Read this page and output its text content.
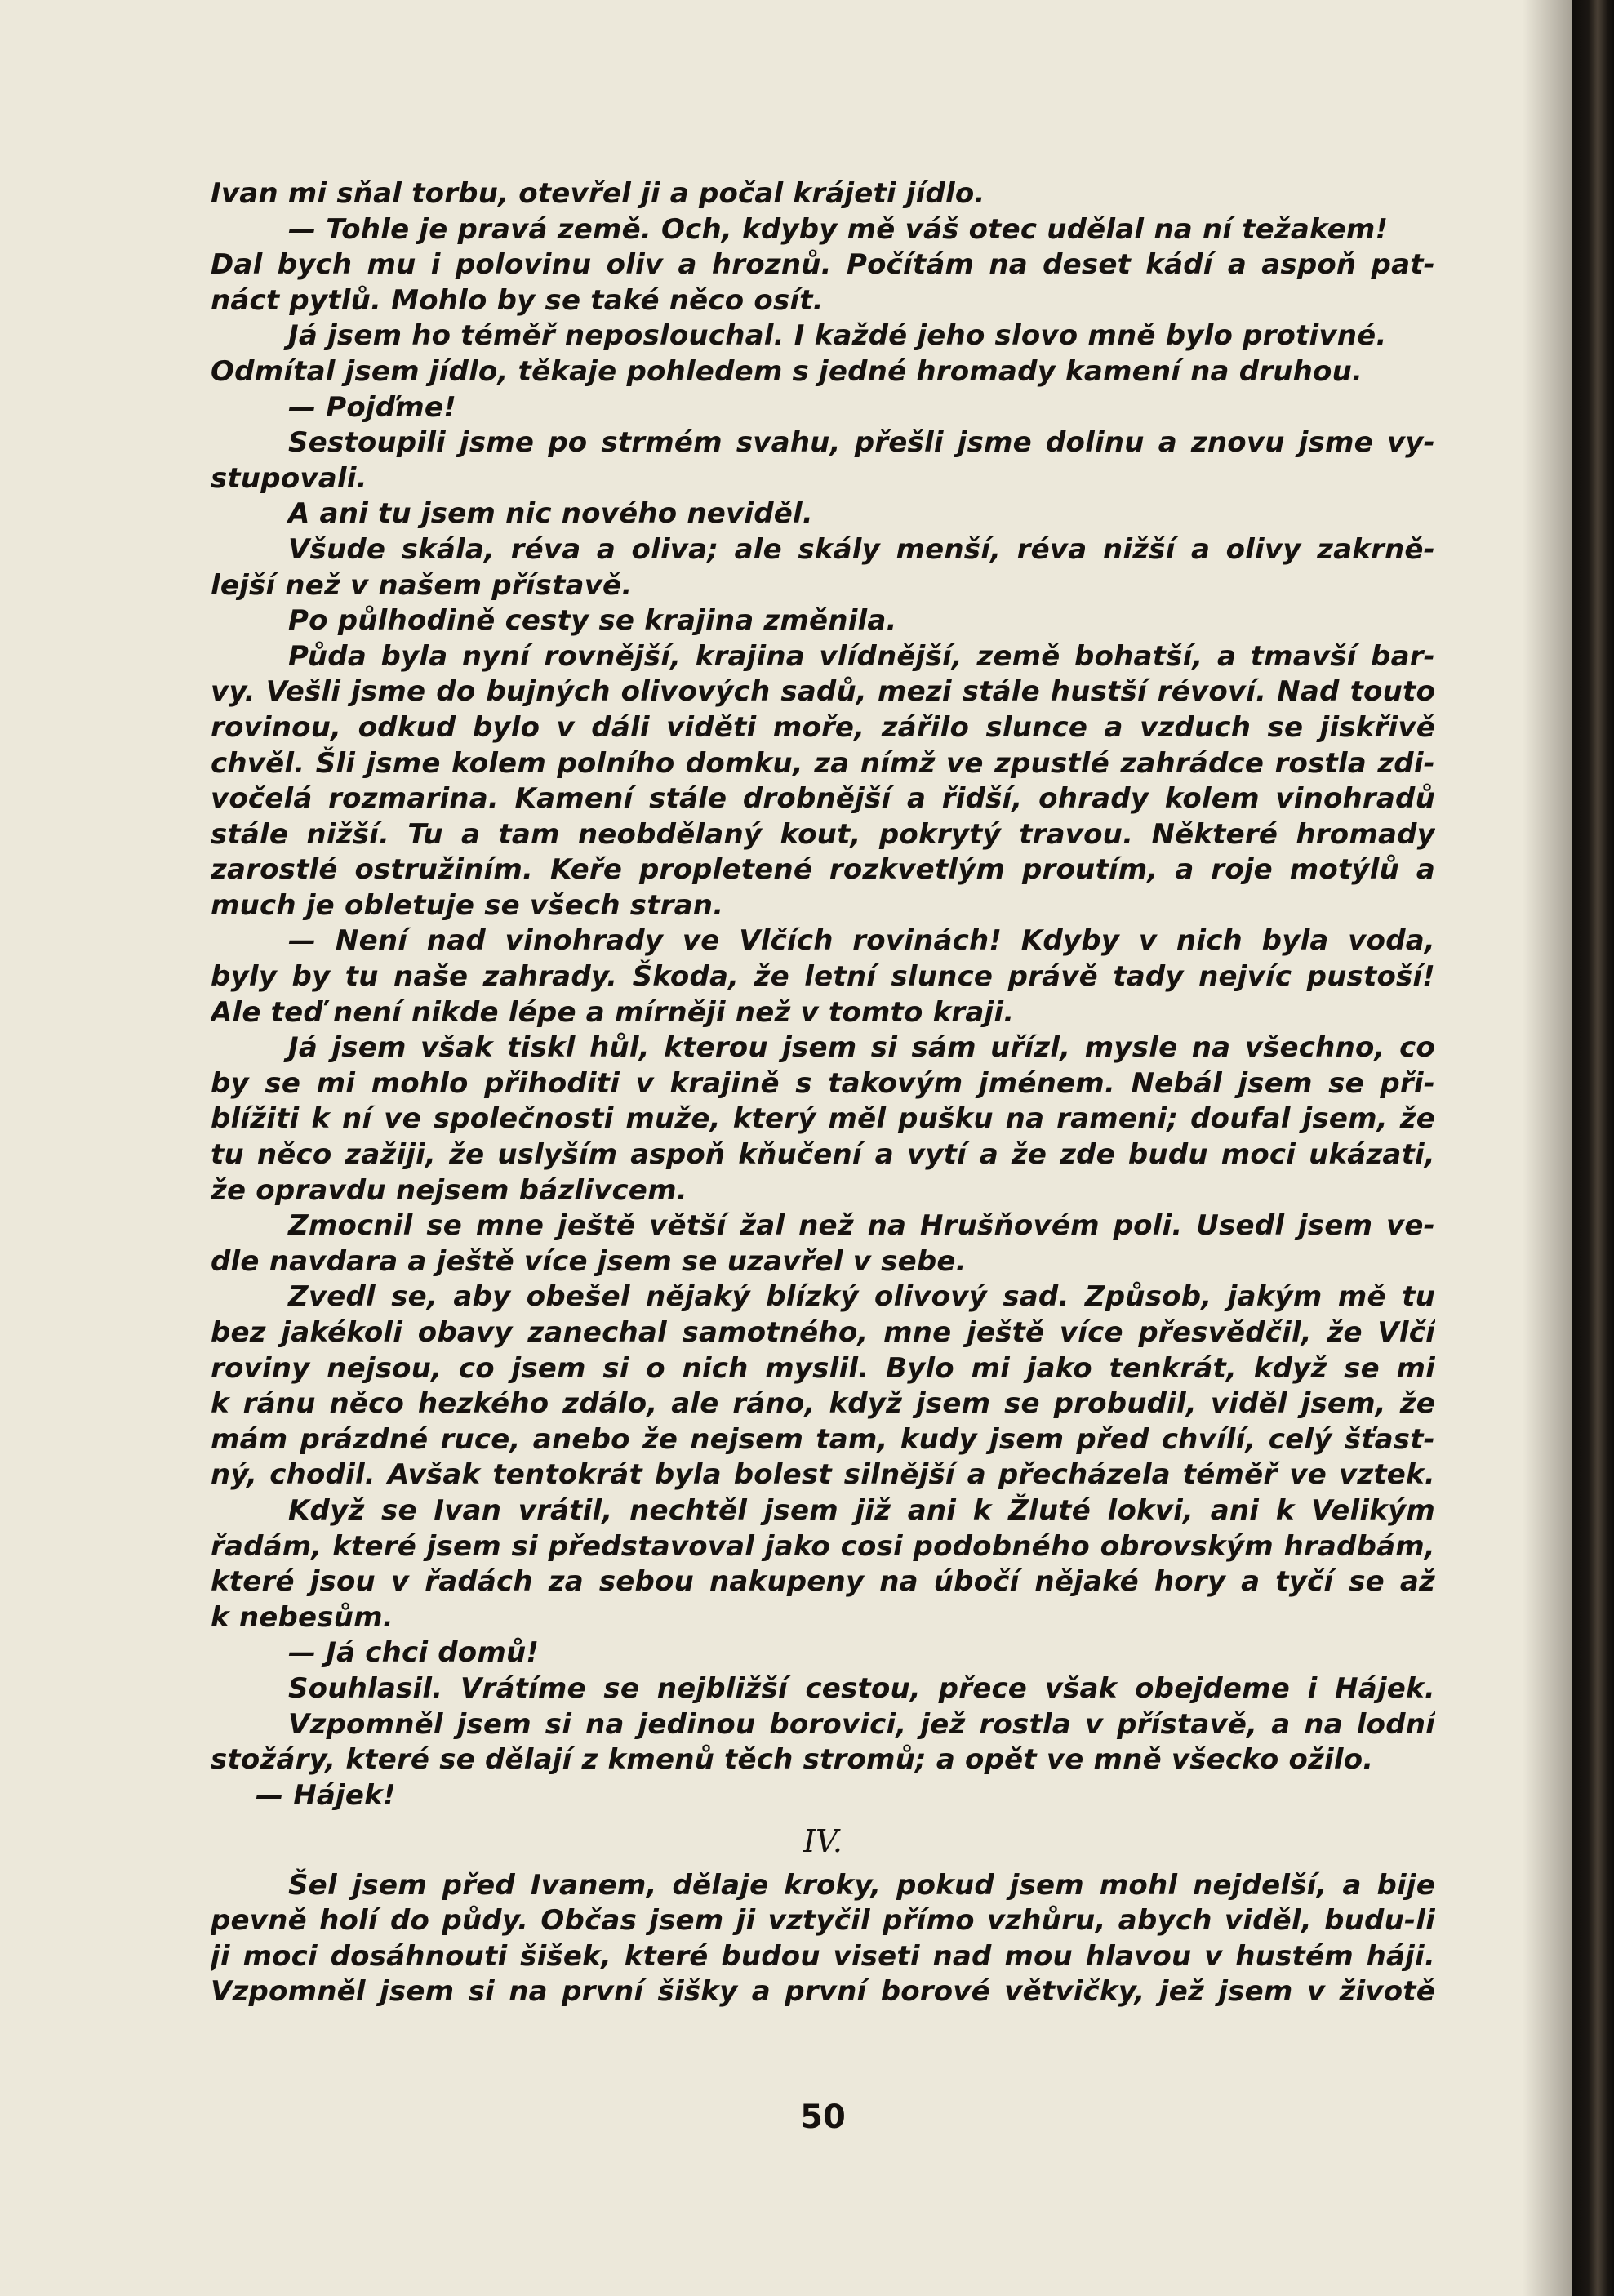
Ivan mi sňal torbu, otevřel ji a počal krájeti jídlo.
— Tohle je pravá země. Och, kdyby mě váš otec udělal na ní težakem!
Dal bych mu i polovinu oliv a hroznů. Počítám na deset kádí a aspoň pat-
náct pytlů. Mohlo by se také něco osít.
Já jsem ho téměř neposlouchal. I každé jeho slovo mně bylo protivné.
Odmítal jsem jídlo, těkaje pohledem s jedné hromady kamení na druhou.
— Pojďme!
Sestoupili jsme po strmém svahu, přešli jsme dolinu a znovu jsme vy-
stupovali.
A ani tu jsem nic nového neviděl.
Všude skála, réva a oliva; ale skály menší, réva nižší a olivy zakrně-
lejší než v našem přístavě.
Po půlhodině cesty se krajina změnila.
Půda byla nyní rovnější, krajina vlídnější, země bohatší, a tmavší bar-
vy. Vešli jsme do bujných olivových sadů, mezi stále hustší révoví. Nad touto
rovinou, odkud bylo v dáli viděti moře, zářilo slunce a vzduch se jiskřivě
chvěl. Šli jsme kolem polního domku, za nímž ve zpustlé zahrádce rostla zdi-
vočelá rozmarina. Kamení stále drobnější a řidší, ohrady kolem vinohradů
stále nižší. Tu a tam neobdělaný kout, pokrytý travou. Některé hromady
zarostlé ostružiním. Keře propletené rozkvetlým proutím, a roje motýlů a
much je obletuje se všech stran.
— Není nad vinohrady ve Vlčích rovinách! Kdyby v nich byla voda,
byly by tu naše zahrady. Škoda, že letní slunce právě tady nejvíc pustoší!
Ale teď není nikde lépe a mírněji než v tomto kraji.
Já jsem však tiskl hůl, kterou jsem si sám uřízl, mysle na všechno, co
by se mi mohlo přihoditi v krajině s takovým jménem. Nebál jsem se při-
blížiti k ní ve společnosti muže, který měl pušku na rameni; doufal jsem, že
tu něco zažiji, že uslyším aspoň kňučení a vytí a že zde budu moci ukázati,
že opravdu nejsem bázlivcem.
Zmocnil se mne ještě větší žal než na Hrušňovém poli. Usedl jsem ve-
dle navdara a ještě více jsem se uzavřel v sebe.
Zvedl se, aby obešel nějaký blízký olivový sad. Způsob, jakým mě tu
bez jakékoli obavy zanechal samotného, mne ještě více přesvědčil, že Vlčí
roviny nejsou, co jsem si o nich myslil. Bylo mi jako tenkrát, když se mi
k ránu něco hezkého zdálo, ale ráno, když jsem se probudil, viděl jsem, že
mám prázdné ruce, anebo že nejsem tam, kudy jsem před chvílí, celý šťast-
ný, chodil. Avšak tentokrát byla bolest silnější a přecházela téměř ve vztek.
Když se Ivan vrátil, nechtěl jsem již ani k Žluté lokvi, ani k Velikým
řadám, které jsem si představoval jako cosi podobného obrovským hradbám,
které jsou v řadách za sebou nakupeny na úbočí nějaké hory a tyčí se až
k nebesům.
— Já chci domů!
Souhlasil. Vrátíme se nejbližší cestou, přece však obejdeme i Hájek.
Vzpomněl jsem si na jedinou borovici, jež rostla v přístavě, a na lodní
stožáry, které se dělají z kmenů těch stromů; a opět ve mně všecko ožilo.
— Hájek!
IV.
Šel jsem před Ivanem, dělaje kroky, pokud jsem mohl nejdelší, a bije
pevně holí do půdy. Občas jsem ji vztyčil přímo vzhůru, abych viděl, budu-li
ji moci dosáhnouti šišek, které budou viseti nad mou hlavou v hustém háji.
Vzpomněl jsem si na první šišky a první borové větvičky, jež jsem v životě
50
